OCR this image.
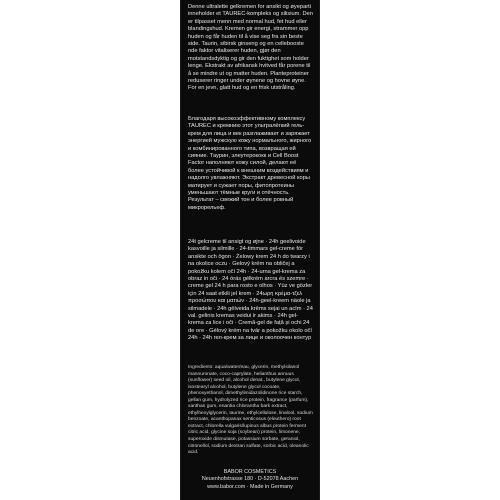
Denne ultralette gelkremen for ansikt og øyeparti inneholder et TAUREC-kompleks og silisium. Den er tilpasset menn med normal hud, fet hud eller blandingshud. Kremen gir energi, strammer opp huden og får huden til å vise seg fra sin beste side. Taurin, sibirsk ginseng og en cellebooste​nde faktor vitaliserer huden, gjør den motstandsdyktig og gir den fuktighet som holder lenge. Ekstrakt av afrikansk hvitved får porene til å se mindre ut og matter huden. Planteproteiner reduserer ringer under øynene og hovne øyne. For en jevn, glatt hud og en frisk utstråling.

Благодаря высокоэффективному комплексу TAUREC и кремнию этот ультралёгкий гель-крем для лица и век разглаживает и заряжает энергией мужскую кожу нормального, жирного и комбинированного типа, возвращая ей сияние. Таурин, элеутерококк и Cell Boost Factor наполняют кожу силой, делают её более устойчивой к внешним воздействиям и надолго увлажняют. Экстракт древесной коры матирует и сужает поры, фитопротеины уменьшают тёмные круги и отёчность. Результат – свежий тон и более ровный микрорельеф.

24t gelcreme til ansigt og øjne · 24h geelivoide kasvoille ja silmille · 24-timmars gel-creme för ansikte och ögon · Żelowy krem 24 h do twarzy i na okolice oczu · Gelový krém na obličej a pokožku kolem očí 24h · 24-urna gel-krema za obraz in oči · 24 órás gélkrém arcra és szemre · creme gel 24 h para rosto e olhos · Yüz ve gözler için 24 saat etkili jel krem · 24ωρη κρέμα-τζελ προσώπου και ματιών · 24h-geel-kreem näole ja silmadele · 24h gēlveida krēms sejai un acīm · 24 val. gelinis kremas veidui ir akims · 24h gel-krema za lice i oči · Cremă-gel de față și ochi 24 de ore · Gélový krém na tvár a pokožku okolo očí 24h · 24h гел-крем за лице и околоочен контур

Ingredients: aqua/water/eau, glycerin, methylsilanol mannuronate, coco-caprylate, helianthus annuus (sunflower) seed oil, alcohol denat., butylene glycol, isostearyl alcohol, butylene glycol cocoate, phenoxyethanol, dimethylimidazolidinone rice starch, gellan gum, hydrolyzed rice protein, fragrance (parfum), xanthan gum, enantia chlorantha bark extract, ethylhexylglycerin, taurine, ethylcellulose, linalool, sodium benzoate, acanthopanax senticosus (eleuthero) root extract, chlorella vulgaris/lupinus albus protein ferment citric acid, glycine soja (soybean) protein, limonene, superoxide dismutase, potassium sorbate, geraniol, citronellol, sodium dextran sulfate, sorbic acid, oleanolic acid.

BABOR COSMETICS
Neuenhofstrasse 180 · D-52078 Aachen
www.babor.com · Made in Germany
